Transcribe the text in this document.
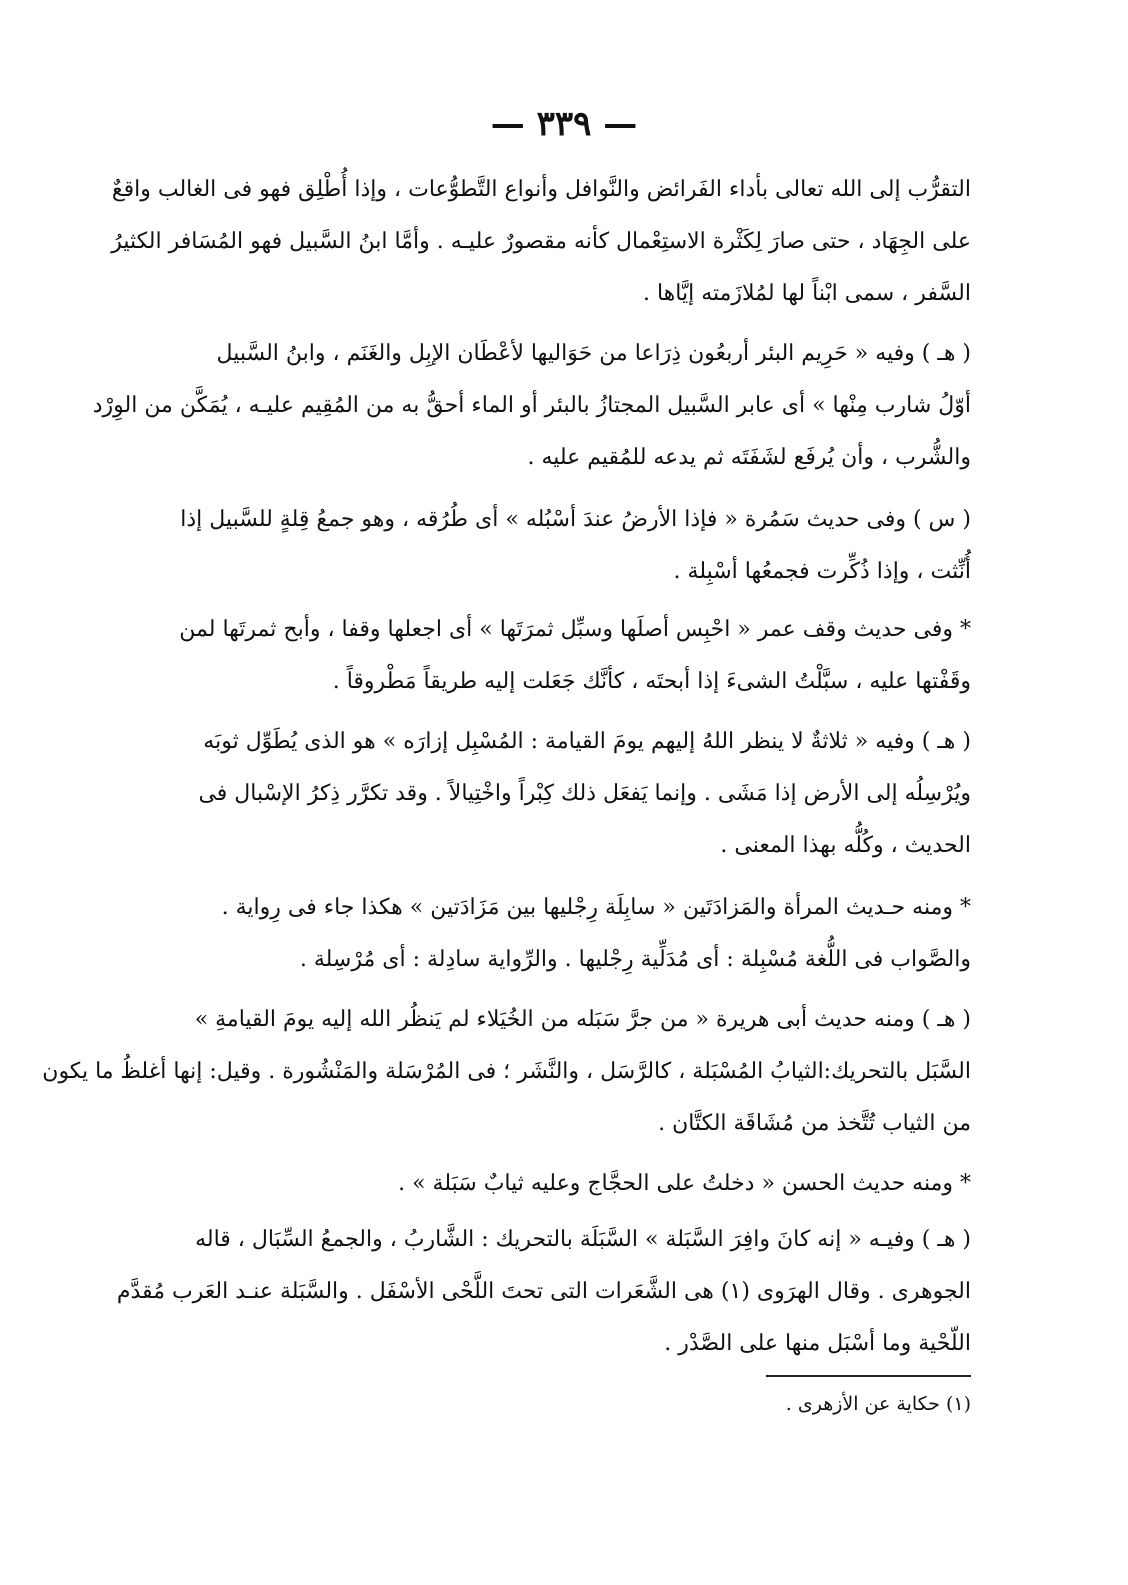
— ٣٣٩ —
التقرُّب إلى الله تعالى بأداء الفَرائض والنَّوافل وأنواع التَّطوُّعات ، وإذا أُطْلِق فهو فى الغالب واقعٌ
على الجِهَاد ، حتى صارَ لِكَثْرة الاستِعْمال كأنه مقصورٌ عليـه . وأمَّا ابنُ السَّبيل فهو المُسَافر الكثيرُ
السَّفر ، سمى ابْناً لها لمُلازَمته إيَّاها .
( هـ ) وفيه « حَرِيم البئر أربعُون ذِرَاعا من حَوَاليها لأعْطَان الإبِل والغَنَم ، وابنُ السَّبيل
أوّلُ شارب مِنْها » أى عابر السَّبيل المجتازُ بالبئر أو الماء أحقُّ به من المُقِيم عليـه ، يُمَكَّن من الوِرْد
والشُّرب ، وأن يُرفَع لشَفَتَه ثم يدعه للمُقيم عليه .
( س ) وفى حديث سَمُرة « فإذا الأرضُ عندَ أسْبُله » أى طُرُقه ، وهو جمعُ قِلةٍ للسَّبيل إذا
أُنِّثت ، وإذا ذُكِّرت فجمعُها أسْبِلة .
* وفى حديث وقف عمر « احْبِس أصلَها وسبِّل ثمرَتَها » أى اجعلها وقفا ، وأبح ثمرتَها لمن
وقَفْتها عليه ، سبَّلْتُ الشىءَ إذا أبحتَه ، كأنَّك جَعَلت إليه طريقاً مَطْروقاً .
( هـ ) وفيه « ثلاثةٌ لا ينظر اللهُ إليهم يومَ القيامة : المُسْبِل إزارَه » هو الذى يُطَوِّل ثوبَه
ويُرْسِلُه إلى الأرض إذا مَشَى . وإنما يَفعَل ذلك كِبْراً واخْتِيالاً . وقد تكرَّر ذِكرُ الإسْبال فى
الحديث ، وكُلُّه بهذا المعنى .
* ومنه حـديث المرأة والمَزادَتَين « سابِلَة رِجْليها بين مَزَادَتين » هكذا جاء فى رِواية .
والصَّواب فى اللُّغة مُسْبِلة : أى مُدَلِّية رِجْليها . والرِّواية سادِلة : أى مُرْسِلة .
( هـ ) ومنه حديث أبى هريرة « من جرَّ سَبَله من الخُيَلاء لم يَنظُر الله إليه يومَ القيامةِ »
السَّبَل بالتحريك:الثيابُ المُسْبَلة ، كالرَّسَل ، والنَّشَر ؛ فى المُرْسَلة والمَنْشُورة . وقيل: إنها أغلظُ ما يكون
من الثياب تُتَّخذ من مُشَاقَة الكتَّان .
* ومنه حديث الحسن « دخلتُ على الحجَّاج وعليه ثيابٌ سَبَلة » .
( هـ ) وفيـه « إنه كانَ وافِرَ السَّبَلة » السَّبَلَة بالتحريك : الشَّاربُ ، والجمعُ السِّبَال ، قاله
الجوهرى . وقال الهرَوى (١) هى الشَّعَرات التى تحتَ اللَّحْى الأسْفَل . والسَّبَلة عنـد العَرب مُقدَّم
اللّحْية وما أسْبَل منها على الصَّدْر .
(١) حكاية عن الأزهرى .
